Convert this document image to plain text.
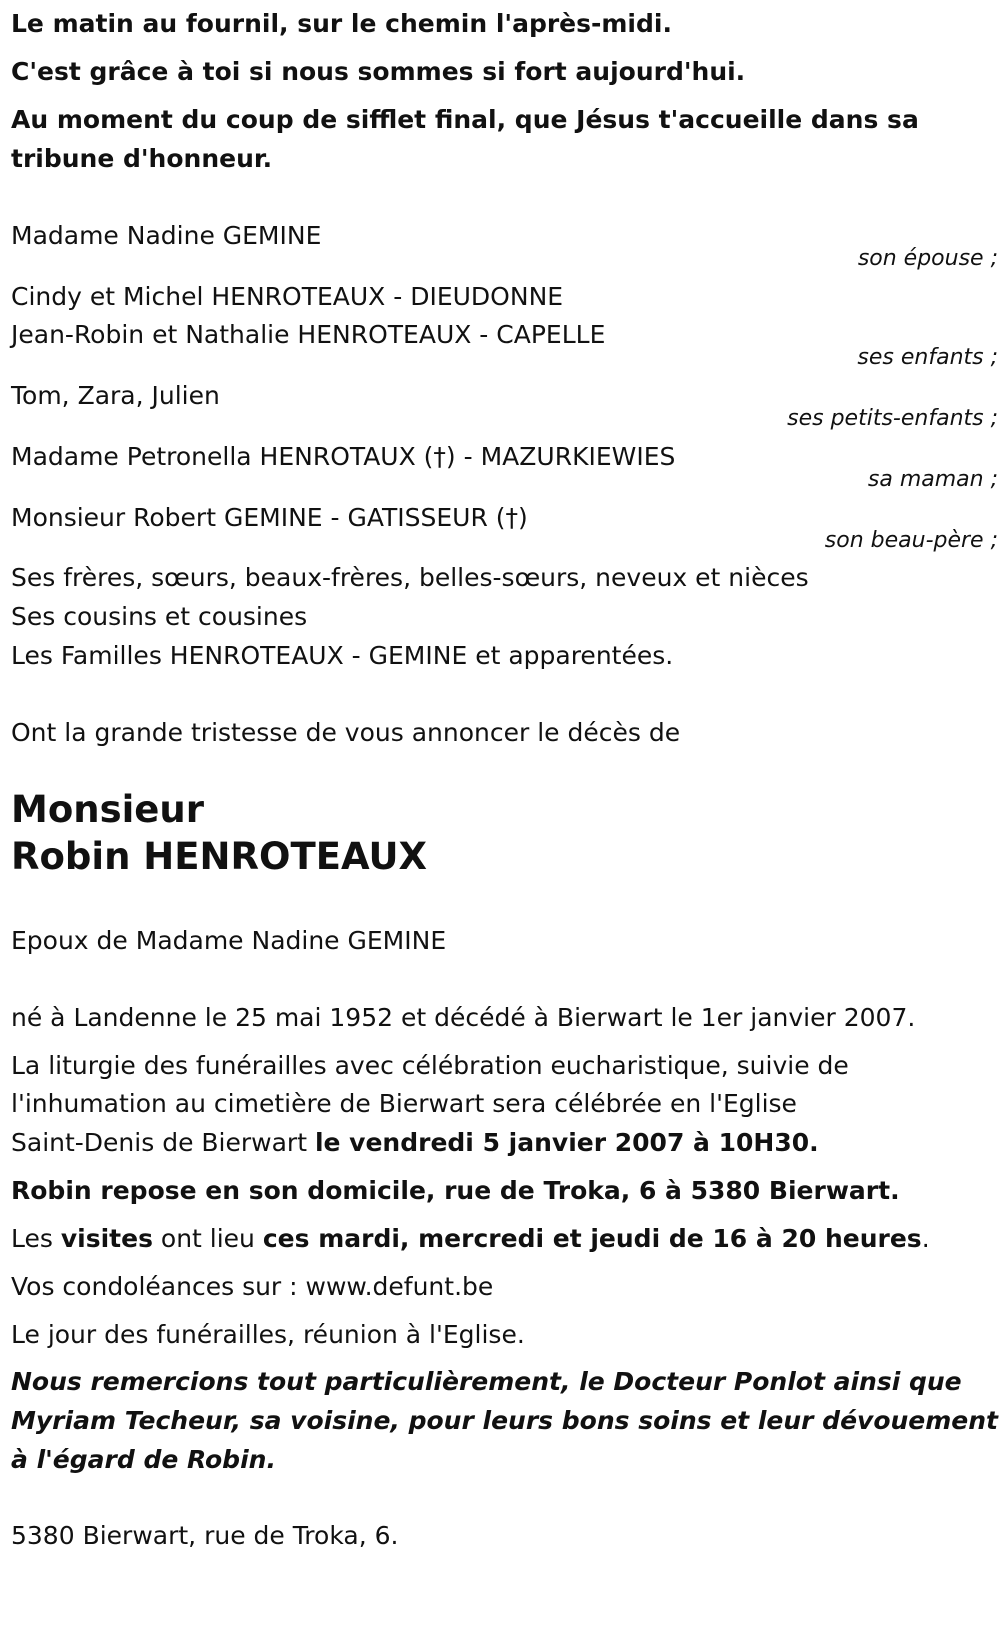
Le matin au fournil, sur le chemin l'après-midi.
C'est grâce à toi si nous sommes si fort aujourd'hui.
Au moment du coup de sifflet final, que Jésus t'accueille dans sa
tribune d'honneur.
Madame Nadine GEMINE
son épouse ;
Cindy et Michel HENROTEAUX - DIEUDONNE
Jean-Robin et Nathalie HENROTEAUX - CAPELLE
ses enfants ;
Tom, Zara, Julien
ses petits-enfants ;
Madame Petronella HENROTAUX (†) - MAZURKIEWIES
sa maman ;
Monsieur Robert GEMINE - GATISSEUR (†)
son beau-père ;
Ses frères, sœurs, beaux-frères, belles-sœurs, neveux et nièces
Ses cousins et cousines
Les Familles HENROTEAUX - GEMINE et apparentées.
Ont la grande tristesse de vous annoncer le décès de
Monsieur
Robin HENROTEAUX
Epoux de Madame Nadine GEMINE
né à Landenne le 25 mai 1952 et décédé à Bierwart le 1er janvier 2007.
La liturgie des funérailles avec célébration eucharistique, suivie de
l'inhumation au cimetière de Bierwart sera célébrée en l'Eglise
Saint-Denis de Bierwart le vendredi 5 janvier 2007 à 10H30.
Robin repose en son domicile, rue de Troka, 6 à 5380 Bierwart.
Les visites ont lieu ces mardi, mercredi et jeudi de 16 à 20 heures.
Vos condoléances sur : www.defunt.be
Le jour des funérailles, réunion à l'Eglise.
Nous remercions tout particulièrement, le Docteur Ponlot ainsi que
Myriam Techeur, sa voisine, pour leurs bons soins et leur dévouement
à l'égard de Robin.
5380 Bierwart, rue de Troka, 6.
